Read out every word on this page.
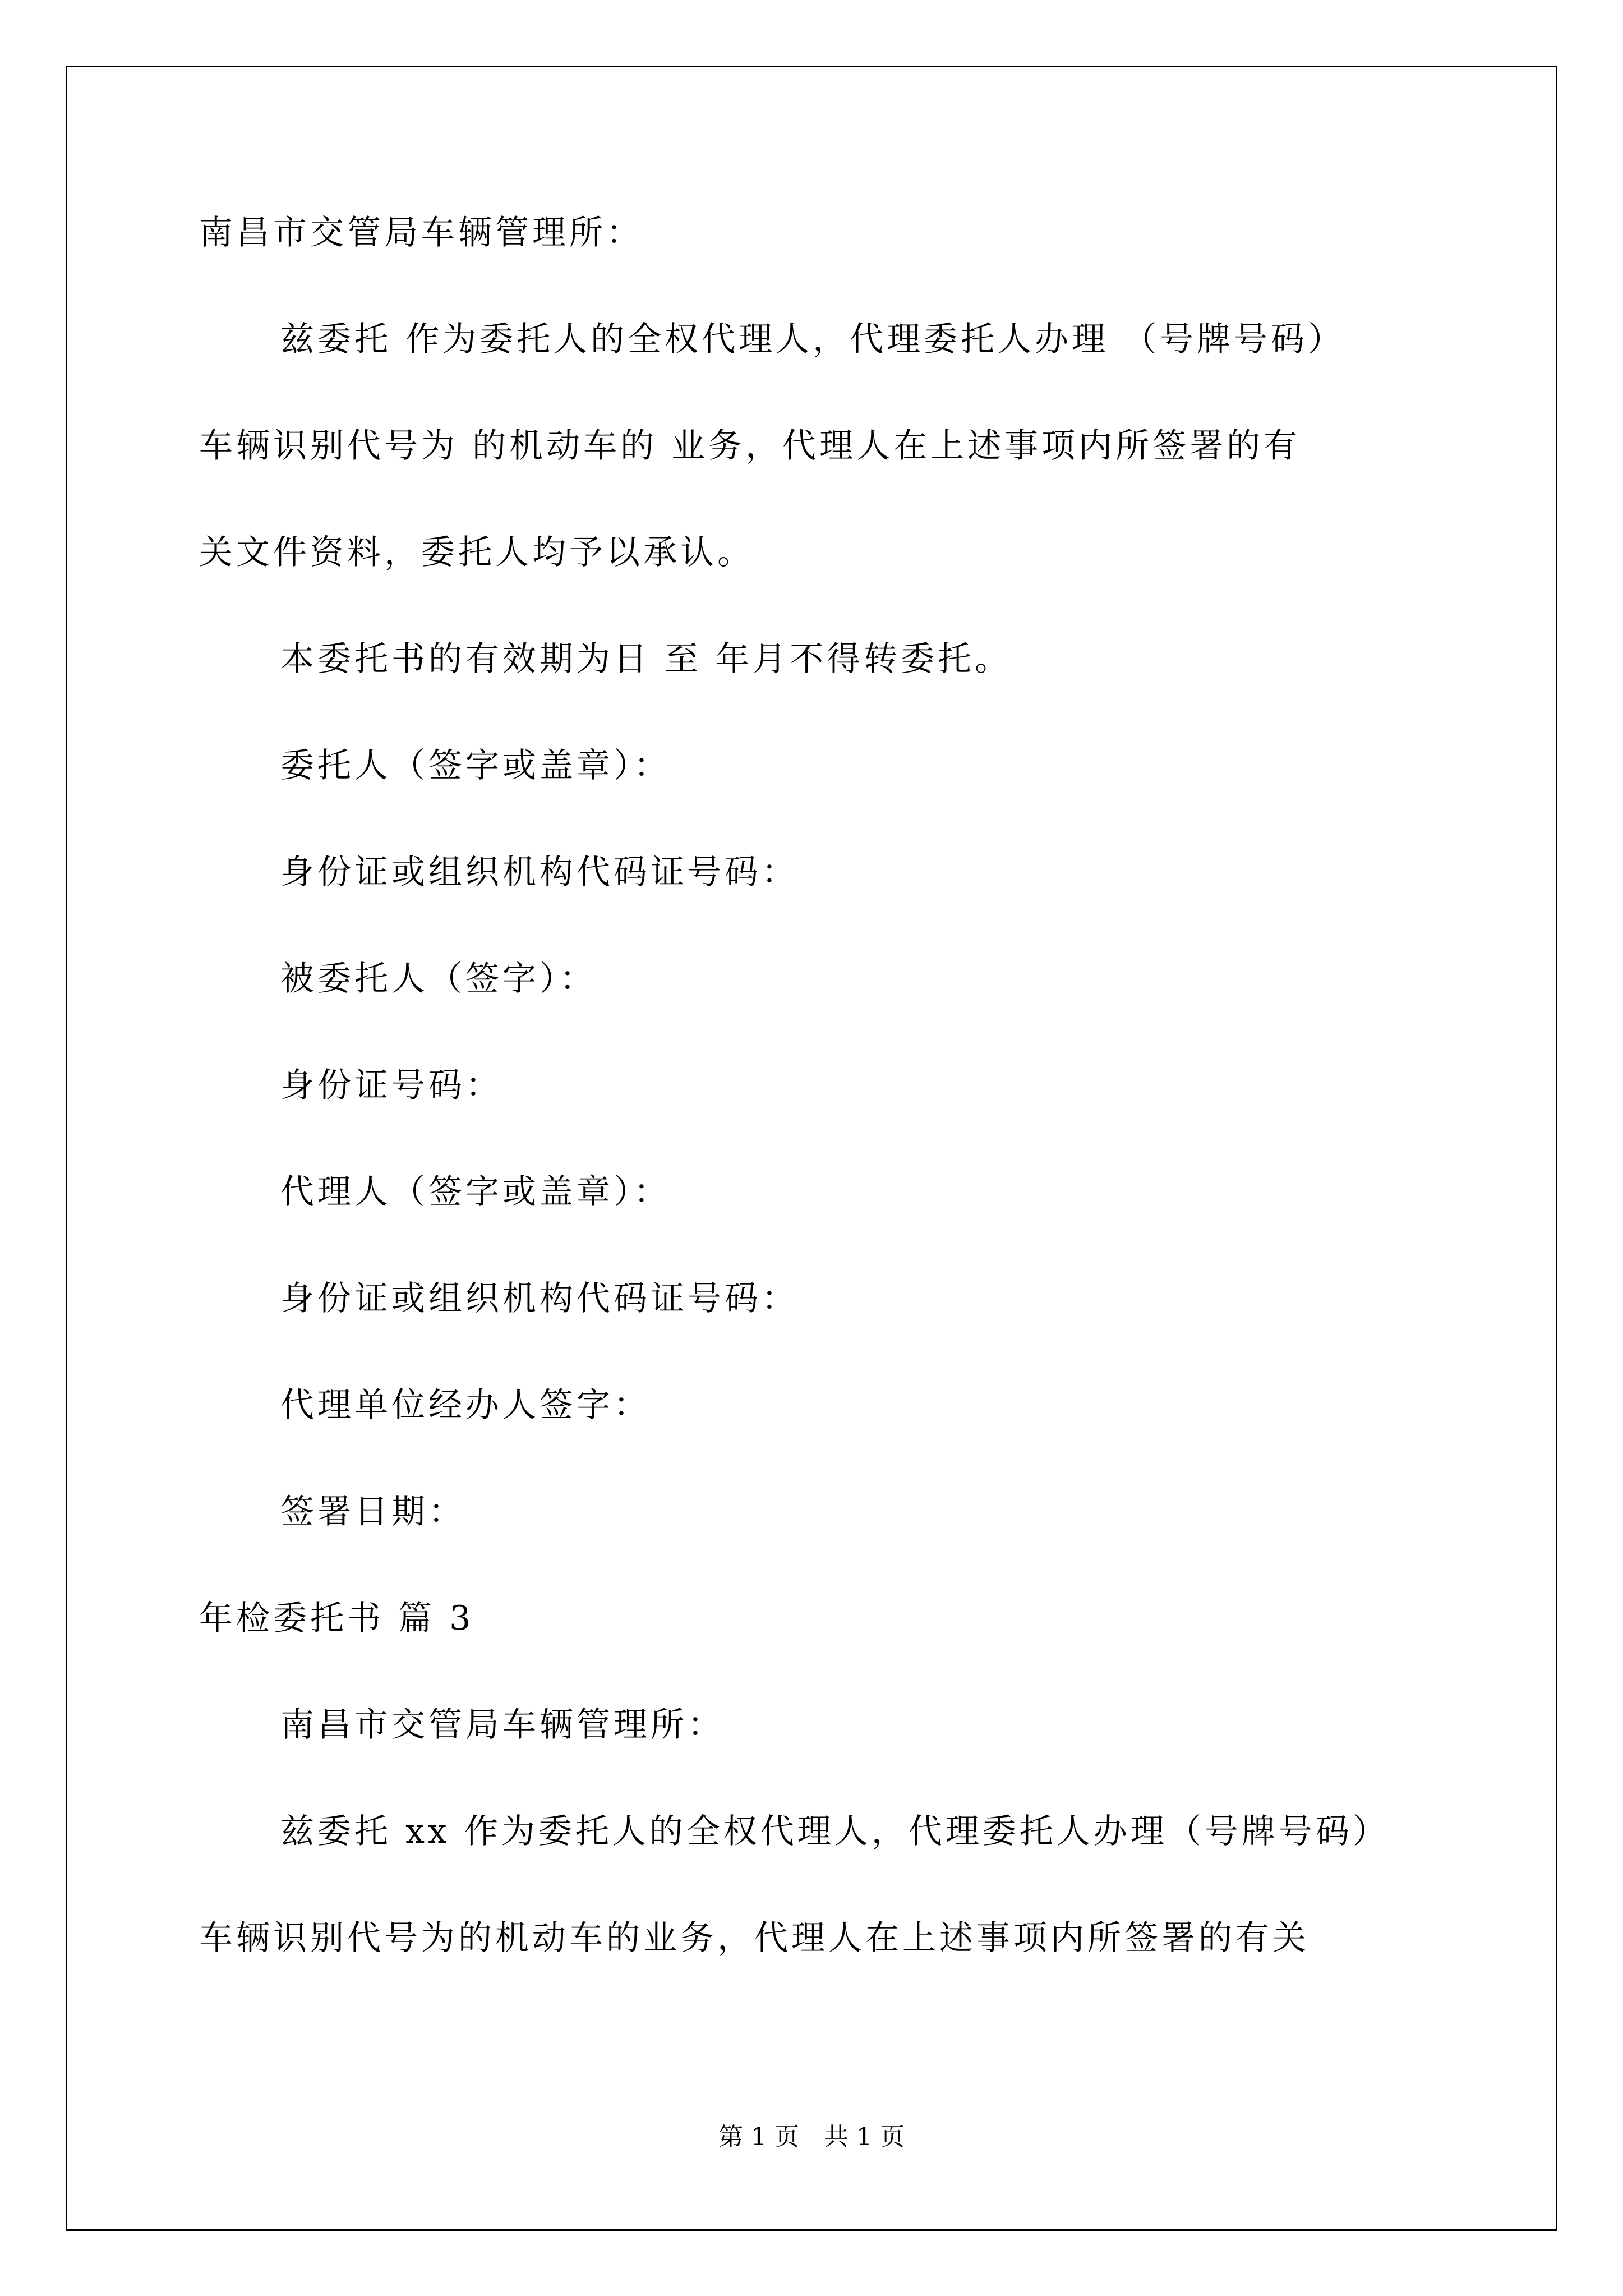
南昌市交管局车辆管理所：
兹委托 作为委托人的全权代理人，代理委托人办理 （号牌号码）
车辆识别代号为 的机动车的 业务，代理人在上述事项内所签署的有
关文件资料，委托人均予以承认。
本委托书的有效期为日 至 年月不得转委托。
委托人（签字或盖章）：
身份证或组织机构代码证号码：
被委托人（签字）：
身份证号码：
代理人（签字或盖章）：
身份证或组织机构代码证号码：
代理单位经办人签字：
签署日期：
年检委托书 篇 3
南昌市交管局车辆管理所：
兹委托 xx 作为委托人的全权代理人，代理委托人办理（号牌号码）
车辆识别代号为的机动车的业务，代理人在上述事项内所签署的有关
第 1 页　共 1 页
